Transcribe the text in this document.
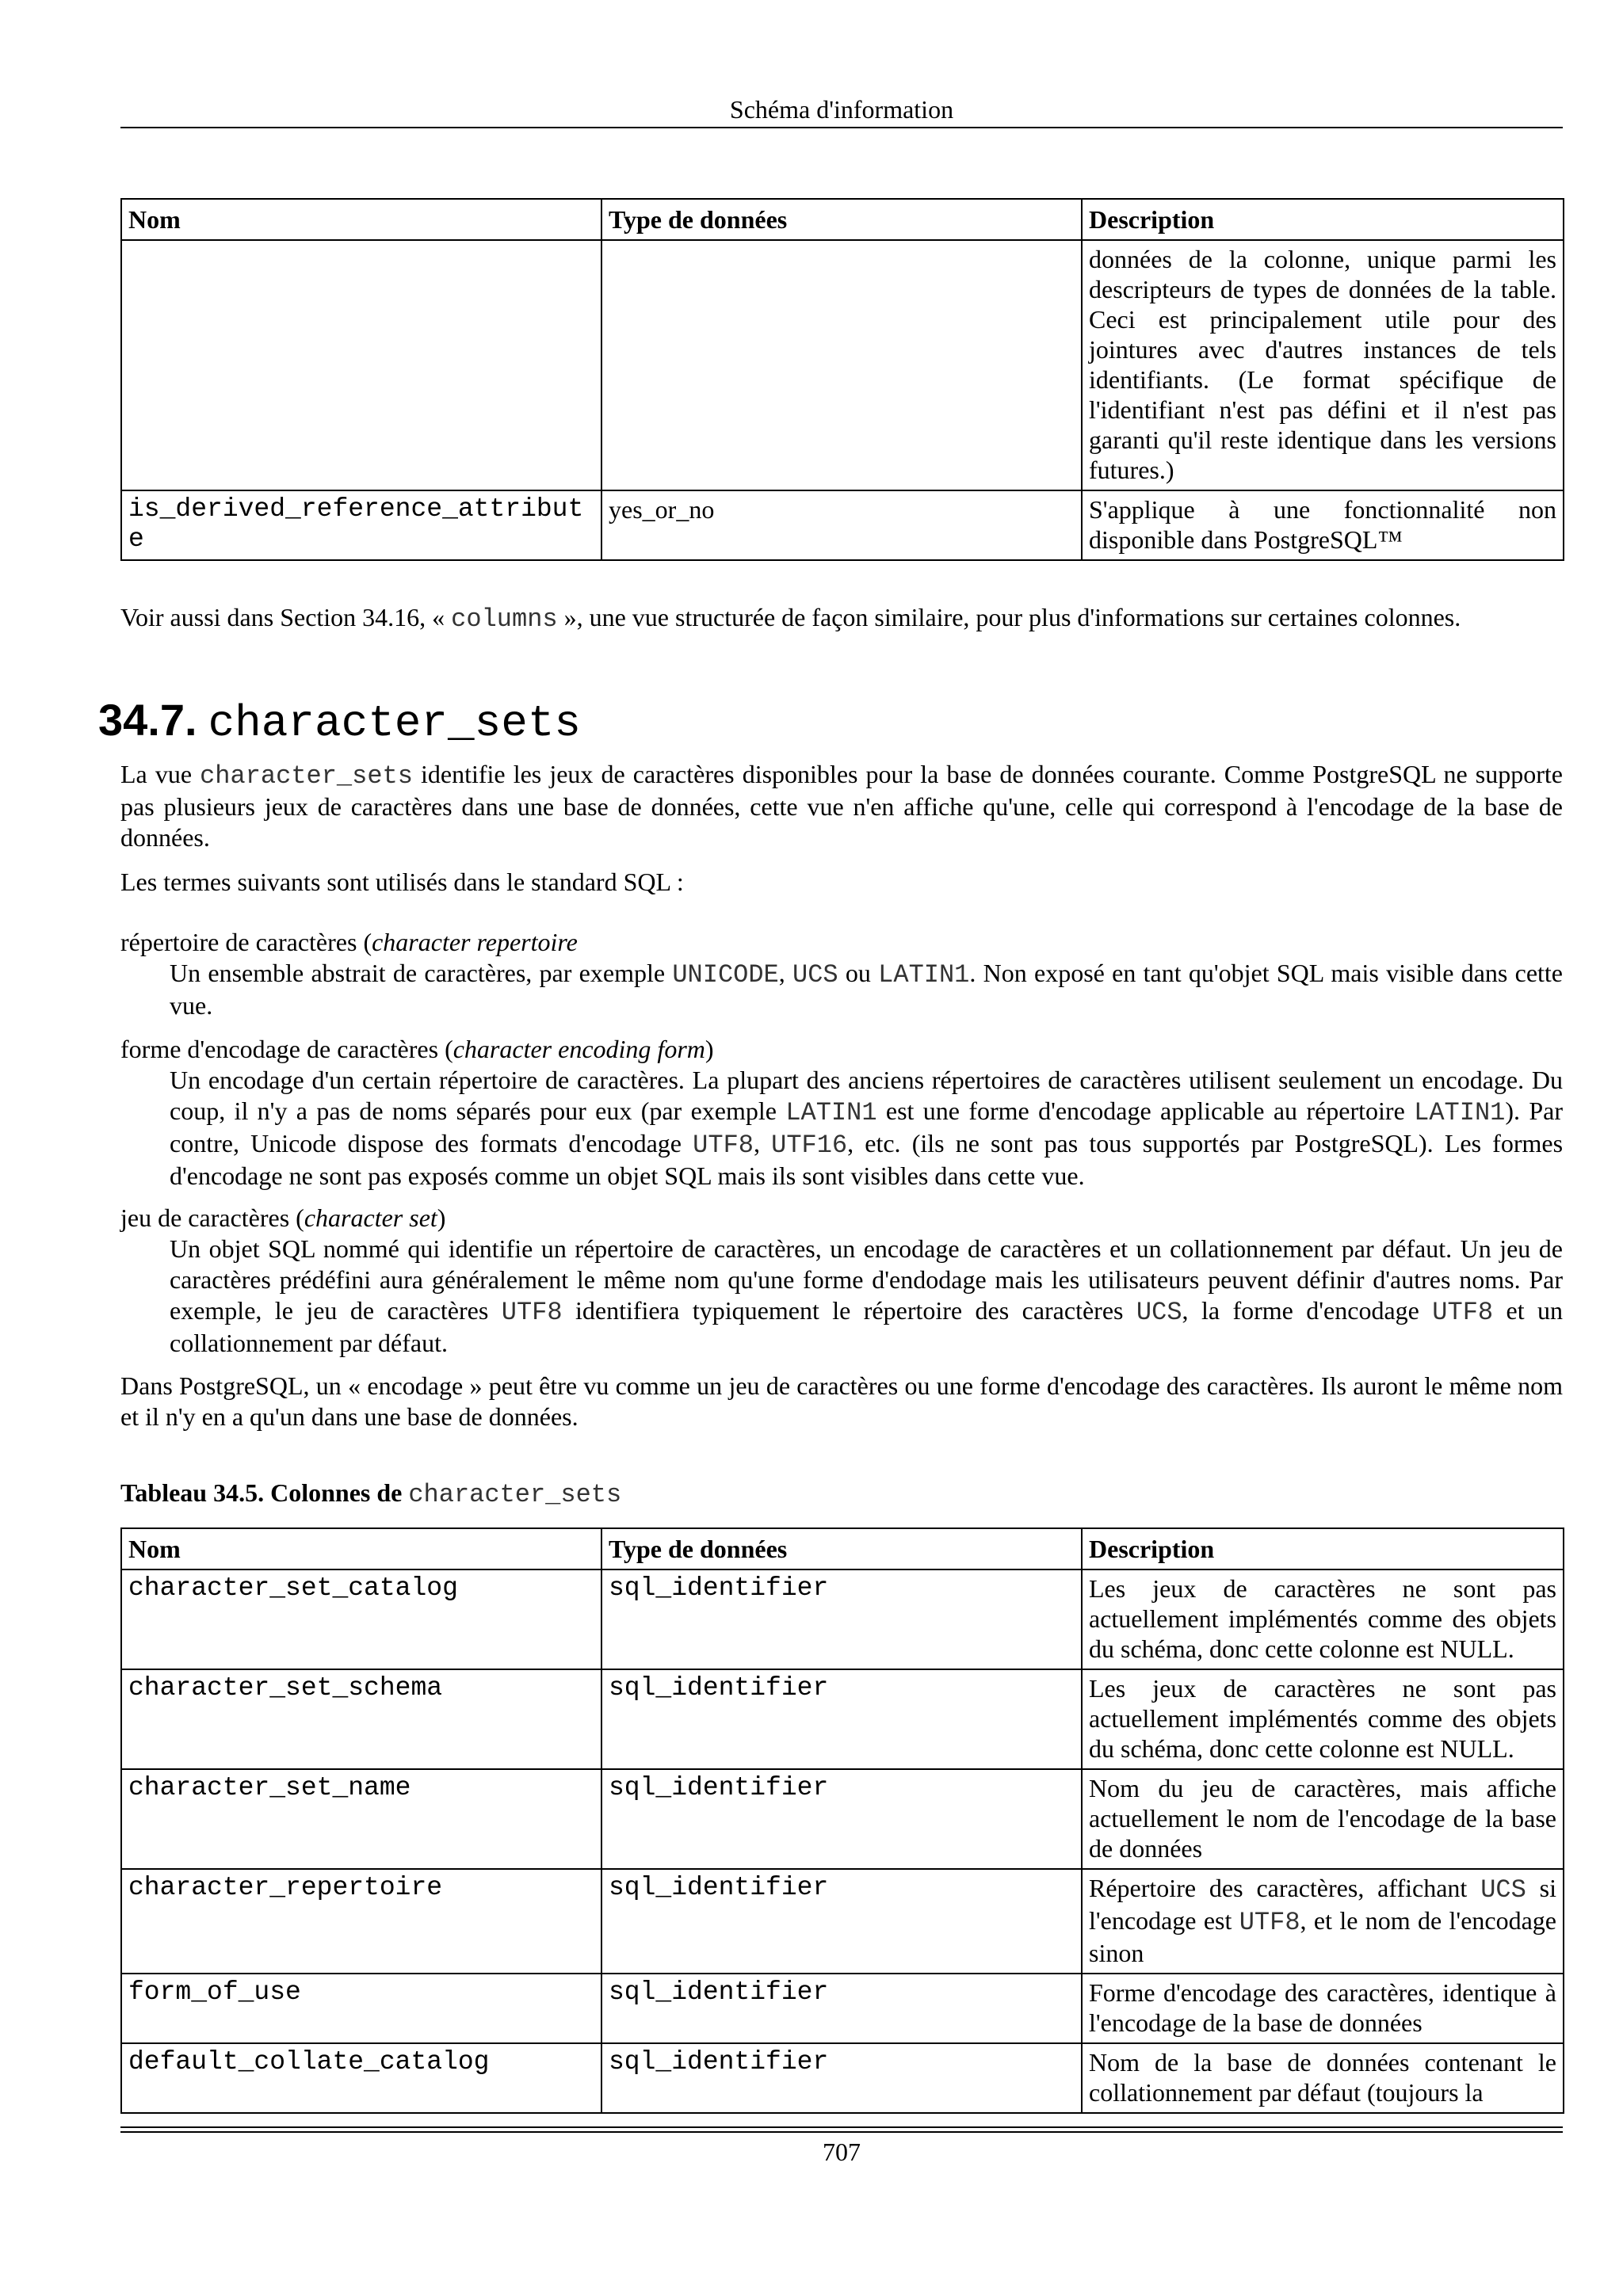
Schéma d'information
Nom	Type de données	Description
		données de la colonne, unique parmi les descripteurs de types de données de la table. Ceci est principalement utile pour des jointures avec d'autres instances de tels identifiants. (Le format spécifique de l'identifiant n'est pas défini et il n'est pas garanti qu'il reste identique dans les versions futures.)
is_derived_reference_attribute	yes_or_no	S'applique à une fonctionnalité non disponible dans PostgreSQL™

Voir aussi dans Section 34.16, « columns », une vue structurée de façon similaire, pour plus d'informations sur certaines colonnes.

34.7. character_sets

La vue character_sets identifie les jeux de caractères disponibles pour la base de données courante. Comme PostgreSQL ne supporte pas plusieurs jeux de caractères dans une base de données, cette vue n'en affiche qu'une, celle qui correspond à l'encodage de la base de données.

Les termes suivants sont utilisés dans le standard SQL :

répertoire de caractères (character repertoire
Un ensemble abstrait de caractères, par exemple UNICODE, UCS ou LATIN1. Non exposé en tant qu'objet SQL mais visible dans cette vue.
forme d'encodage de caractères (character encoding form)
Un encodage d'un certain répertoire de caractères. La plupart des anciens répertoires de caractères utilisent seulement un encodage. Du coup, il n'y a pas de noms séparés pour eux (par exemple LATIN1 est une forme d'encodage applicable au répertoire LATIN1). Par contre, Unicode dispose des formats d'encodage UTF8, UTF16, etc. (ils ne sont pas tous supportés par PostgreSQL). Les formes d'encodage ne sont pas exposés comme un objet SQL mais ils sont visibles dans cette vue.
jeu de caractères (character set)
Un objet SQL nommé qui identifie un répertoire de caractères, un encodage de caractères et un collationnement par défaut. Un jeu de caractères prédéfini aura généralement le même nom qu'une forme d'endodage mais les utilisateurs peuvent définir d'autres noms. Par exemple, le jeu de caractères UTF8 identifiera typiquement le répertoire des caractères UCS, la forme d'encodage UTF8 et un collationnement par défaut.

Dans PostgreSQL, un « encodage » peut être vu comme un jeu de caractères ou une forme d'encodage des caractères. Ils auront le même nom et il n'y en a qu'un dans une base de données.

Tableau 34.5. Colonnes de character_sets
Nom	Type de données	Description
character_set_catalog	sql_identifier	Les jeux de caractères ne sont pas actuellement implémentés comme des objets du schéma, donc cette colonne est NULL.
character_set_schema	sql_identifier	Les jeux de caractères ne sont pas actuellement implémentés comme des objets du schéma, donc cette colonne est NULL.
character_set_name	sql_identifier	Nom du jeu de caractères, mais affiche actuellement le nom de l'encodage de la base de données
character_repertoire	sql_identifier	Répertoire des caractères, affichant UCS si l'encodage est UTF8, et le nom de l'encodage sinon
form_of_use	sql_identifier	Forme d'encodage des caractères, identique à l'encodage de la base de données
default_collate_catalog	sql_identifier	Nom de la base de données contenant le collationnement par défaut (toujours la
707
